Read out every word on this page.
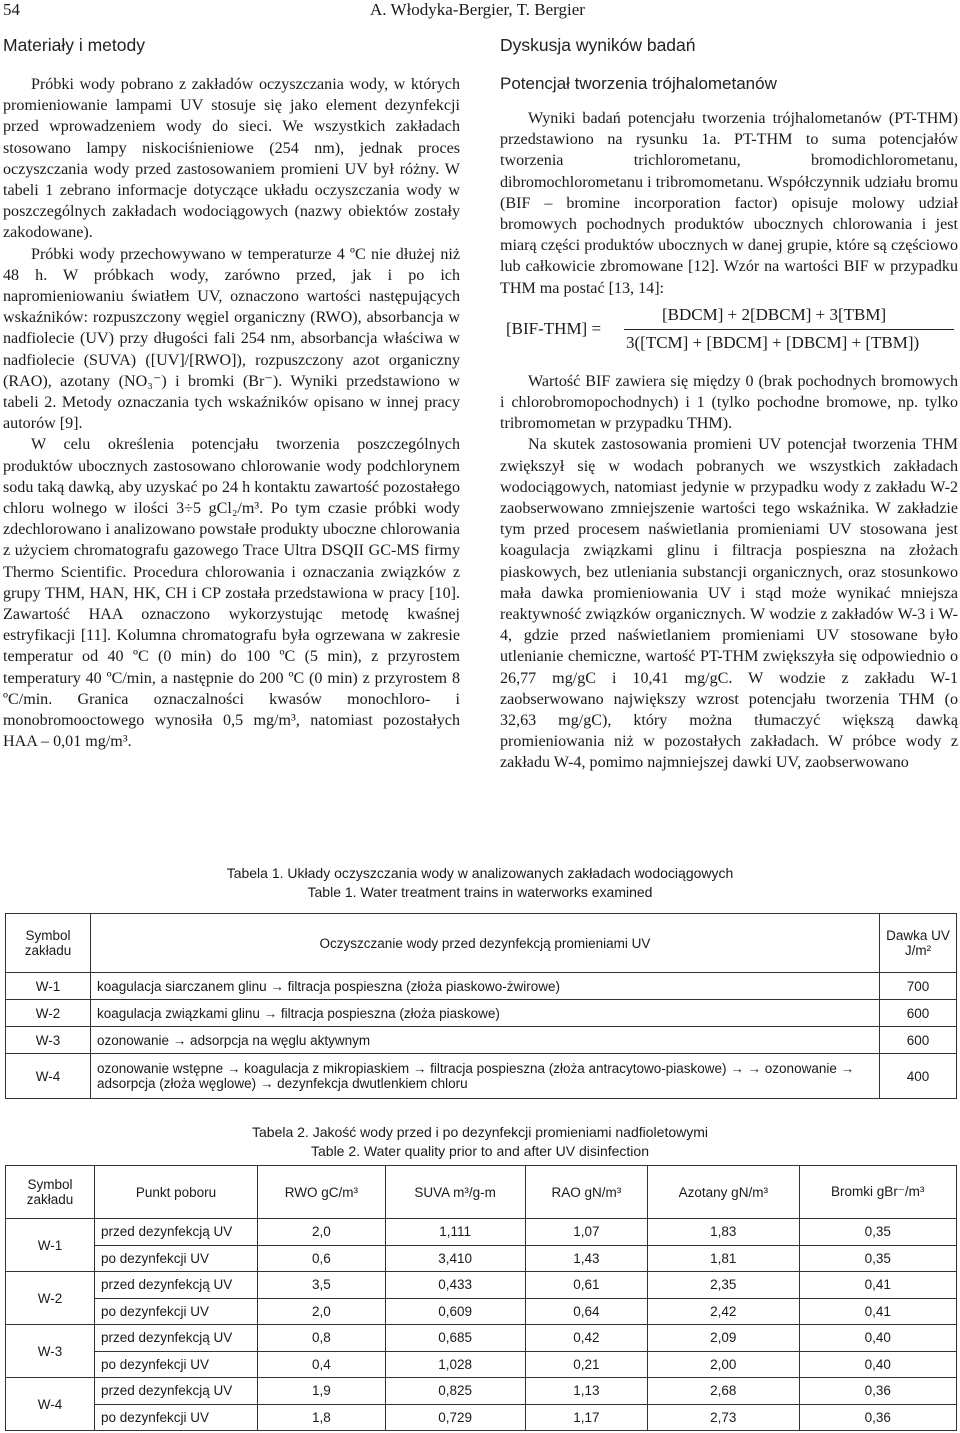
54	A. Włodyka-Bergier, T. Bergier
Materiały i metody

Próbki wody pobrano z zakładów oczyszczania wody, w których promieniowanie lampami UV stosuje się jako element dezynfekcji przed wprowadzeniem wody do sieci. We wszystkich zakładach stosowano lampy niskociśnieniowe (254 nm), jednak proces oczyszczania wody przed zastosowaniem promieni UV był różny. W tabeli 1 zebrano informacje dotyczące układu oczyszczania wody w poszczególnych zakładach wodociągowych (nazwy obiektów zostały zakodowane).

Próbki wody przechowywano w temperaturze 4 ºC nie dłużej niż 48 h. W próbkach wody, zarówno przed, jak i po ich napromieniowaniu światłem UV, oznaczono wartości następujących wskaźników: rozpuszczony węgiel organiczny (RWO), absorbancja w nadfiolecie (UV) przy długości fali 254 nm, absorbancja właściwa w nadfiolecie (SUVA) ([UV]/[RWO]), rozpuszczony azot organiczny (RAO), azotany (NO₃⁻) i bromki (Br⁻). Wyniki przedstawiono w tabeli 2. Metody oznaczania tych wskaźników opisano w innej pracy autorów [9].

W celu określenia potencjału tworzenia poszczególnych produktów ubocznych zastosowano chlorowanie wody podchlorynem sodu taką dawką, aby uzyskać po 24 h kontaktu zawartość pozostałego chloru wolnego w ilości 3÷5 gCl₂/m³. Po tym czasie próbki wody zdechlorowano i analizowano powstałe produkty uboczne chlorowania z użyciem chromatografu gazowego Trace Ultra DSQII GC-MS firmy Thermo Scientific. Procedura chlorowania i oznaczania związków z grupy THM, HAN, HK, CH i CP została przedstawiona w pracy [10]. Zawartość HAA oznaczono wykorzystując metodę kwaśnej estryfikacji [11]. Kolumna chromatografu była ogrzewana w zakresie temperatur od 40 ºC (0 min) do 100 ºC (5 min), z przyrostem temperatury 40 ºC/min, a następnie do 200 ºC (0 min) z przyrostem 8 ºC/min. Granica oznaczalności kwasów monochloro- i monobromooctowego wynosiła 0,5 mg/m³, natomiast pozostałych HAA – 0,01 mg/m³.

Dyskusja wyników badań
Potencjał tworzenia trójhalometanów

Wyniki badań potencjału tworzenia trójhalometanów (PT-THM) przedstawiono na rysunku 1a. PT-THM to suma potencjałów tworzenia trichlorometanu, bromodichlorometanu, dibromochlorometanu i tribromometanu. Współczynnik udziału bromu (BIF – bromine incorporation factor) opisuje molowy udział bromowych pochodnych produktów ubocznych chlorowania i jest miarą części produktów ubocznych w danej grupie, które są częściowo lub całkowicie zbromowane [12]. Wzór na wartości BIF w przypadku THM ma postać [13, 14]:

[BIF-THM] =
[BDCM] + 2[DBCM] + 3[TBM]
3([TCM] + [BDCM] + [DBCM] + [TBM])

Wartość BIF zawiera się między 0 (brak pochodnych bromowych i chlorobromopochodnych) i 1 (tylko pochodne bromowe, np. tylko tribromometan w przypadku THM).

Na skutek zastosowania promieni UV potencjał tworzenia THM zwiększył się w wodach pobranych we wszystkich zakładach wodociągowych, natomiast jedynie w przypadku wody z zakładu W-2 zaobserwowano zmniejszenie wartości tego wskaźnika. W zakładzie tym przed procesem naświetlania promieniami UV stosowana jest koagulacja związkami glinu i filtracja pospieszna na złożach piaskowych, bez utleniania substancji organicznych, oraz stosunkowo mała dawka promieniowania UV i stąd może wynikać mniejsza reaktywność związków organicznych. W wodzie z zakładów W-3 i W-4, gdzie przed naświetlaniem promieniami UV stosowane było utlenianie chemiczne, wartość PT-THM zwiększyła się odpowiednio o 26,77 mg/gC i 10,41 mg/gC. W wodzie z zakładu W-1 zaobserwowano największy wzrost potencjału tworzenia THM (o 32,63 mg/gC), który można tłumaczyć większą dawką promieniowania niż w pozostałych zakładach. W próbce wody z zakładu W-4, pomimo najmniejszej dawki UV, zaobserwowano

Tabela 1. Układy oczyszczania wody w analizowanych zakładach wodociągowych
Table 1. Water treatment trains in waterworks examined
Symbol zakładu	Oczyszczanie wody przed dezynfekcją promieniami UV	Dawka UV J/m²
W-1	koagulacja siarczanem glinu → filtracja pospieszna (złoża piaskowo-żwirowe)	700
W-2	koagulacja związkami glinu → filtracja pospieszna (złoża piaskowe)	600
W-3	ozonowanie → adsorpcja na węglu aktywnym	600
W-4	ozonowanie wstępne → koagulacja z mikropiaskiem → filtracja pospieszna (złoża antracytowo-piaskowe) → → ozonowanie → adsorpcja (złoża węglowe) → dezynfekcja dwutlenkiem chloru	400
Tabela 2. Jakość wody przed i po dezynfekcji promieniami nadfioletowymi
Table 2. Water quality prior to and after UV disinfection
Symbol zakładu	Punkt poboru	RWO gC/m³	SUVA m³/g-m	RAO gN/m³	Azotany gN/m³	Bromki gBr⁻/m³
W-1	przed dezynfekcją UV	2,0	1,111	1,07	1,83	0,35
	po dezynfekcji UV	0,6	3,410	1,43	1,81	0,35
W-2	przed dezynfekcją UV	3,5	0,433	0,61	2,35	0,41
	po dezynfekcji UV	2,0	0,609	0,64	2,42	0,41
W-3	przed dezynfekcją UV	0,8	0,685	0,42	2,09	0,40
	po dezynfekcji UV	0,4	1,028	0,21	2,00	0,40
W-4	przed dezynfekcją UV	1,9	0,825	1,13	2,68	0,36
	po dezynfekcji UV	1,8	0,729	1,17	2,73	0,36
